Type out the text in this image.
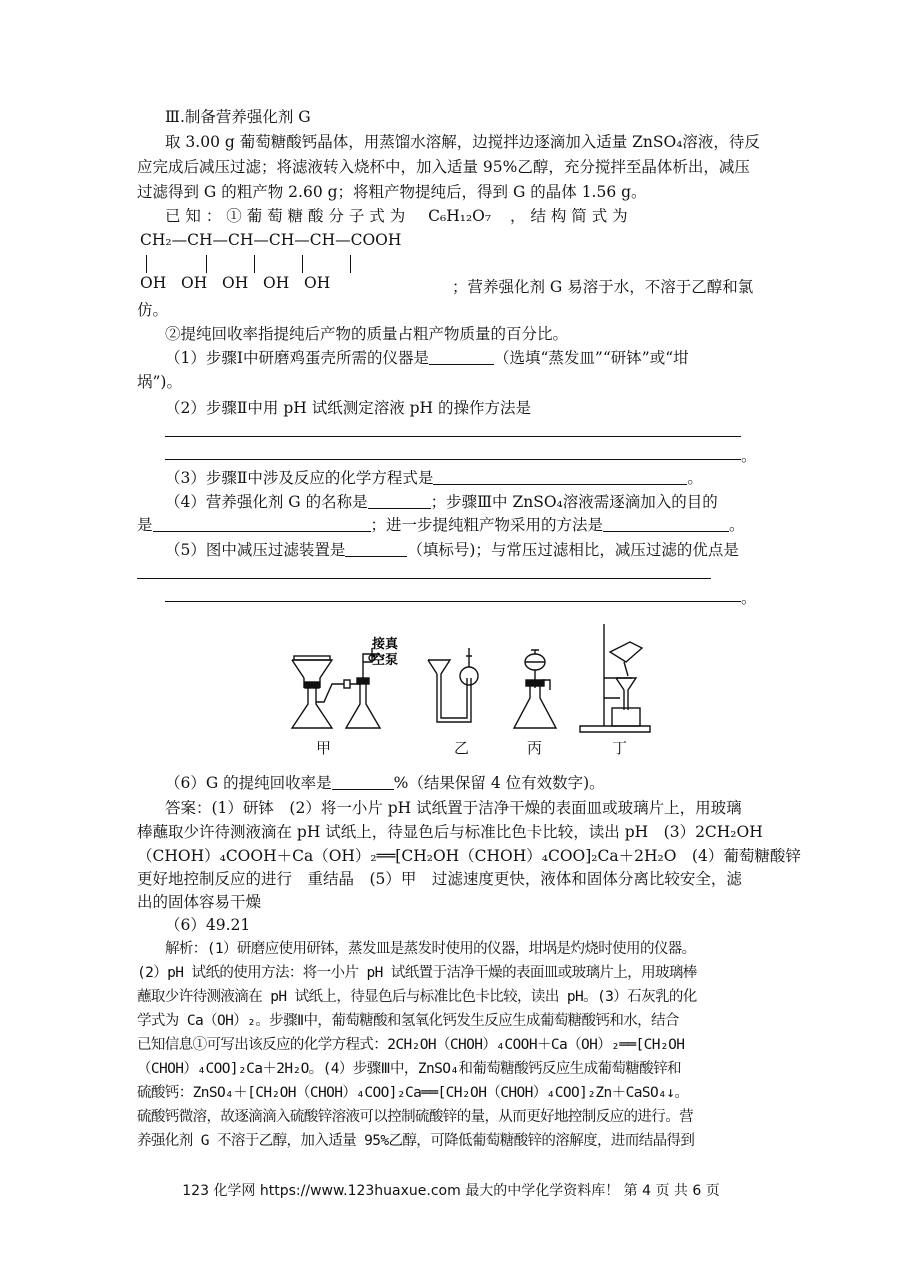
Ⅲ.制备营养强化剂 G
取 3.00 g 葡萄糖酸钙晶体，用蒸馏水溶解，边搅拌边逐滴加入适量 ZnSO₄溶液，待反
应完成后减压过滤；将滤液转入烧杯中，加入适量 95%乙醇，充分搅拌至晶体析出，减压
过滤得到 G 的粗产物 2.60 g；将粗产物提纯后，得到 G 的晶体 1.56 g。
已 知 ： ① 葡 萄 糖 酸 分 子 式 为 C₆H₁₂O₇ ， 结 构 简 式 为
CH₂—CH—CH—CH—CH—COOH
OH   OH   OH   OH   OH	；营养强化剂 G 易溶于水，不溶于乙醇和氯
仿。
②提纯回收率指提纯后产物的质量占粗产物质量的百分比。
（1）步骤Ⅰ中研磨鸡蛋壳所需的仪器是	（选填“蒸发皿”“研钵”或“坩
埚”)。
（2）步骤Ⅱ中用 pH 试纸测定溶液 pH 的操作方法是
。
（3）步骤Ⅱ中涉及反应的化学方程式是	。
（4）营养强化剂 G 的名称是	；步骤Ⅲ中 ZnSO₄溶液需逐滴加入的目的
是	；进一步提纯粗产物采用的方法是	。
（5）图中减压过滤装置是	（填标号)；与常压过滤相比，减压过滤的优点是
。
接真
空泵
甲	乙	丙	丁
（6）G 的提纯回收率是	%（结果保留 4 位有效数字)。
答案：(1）研钵　(2）将一小片 pH 试纸置于洁净干燥的表面皿或玻璃片上，用玻璃
棒蘸取少许待测液滴在 pH 试纸上，待显色后与标准比色卡比较，读出 pH　(3）2CH₂OH
（CHOH）₄COOH＋Ca（OH）₂══[CH₂OH（CHOH）₄COO]₂Ca＋2H₂O　(4）葡萄糖酸锌
更好地控制反应的进行　重结晶　(5）甲　过滤速度更快，液体和固体分离比较安全，滤
出的固体容易干燥
（6）49.21
解析：(1）研磨应使用研钵，蒸发皿是蒸发时使用的仪器，坩埚是灼烧时使用的仪器。
(2）pH 试纸的使用方法：将一小片 pH 试纸置于洁净干燥的表面皿或玻璃片上，用玻璃棒
蘸取少许待测液滴在 pH 试纸上，待显色后与标准比色卡比较，读出 pH。(3）石灰乳的化
学式为 Ca（OH）₂。步骤Ⅱ中，葡萄糖酸和氢氧化钙发生反应生成葡萄糖酸钙和水，结合
已知信息①可写出该反应的化学方程式：2CH₂OH（CHOH）₄COOH＋Ca（OH）₂══[CH₂OH
（CHOH）₄COO]₂Ca＋2H₂O。(4）步骤Ⅲ中，ZnSO₄和葡萄糖酸钙反应生成葡萄糖酸锌和
硫酸钙：ZnSO₄＋[CH₂OH（CHOH）₄COO]₂Ca══[CH₂OH（CHOH）₄COO]₂Zn＋CaSO₄↓。
硫酸钙微溶，故逐滴滴入硫酸锌溶液可以控制硫酸锌的量，从而更好地控制反应的进行。营
养强化剂 G 不溶于乙醇，加入适量 95%乙醇，可降低葡萄糖酸锌的溶解度，进而结晶得到
123 化学网 https://www.123huaxue.com 最大的中学化学资料库！ 第 4 页 共 6 页
